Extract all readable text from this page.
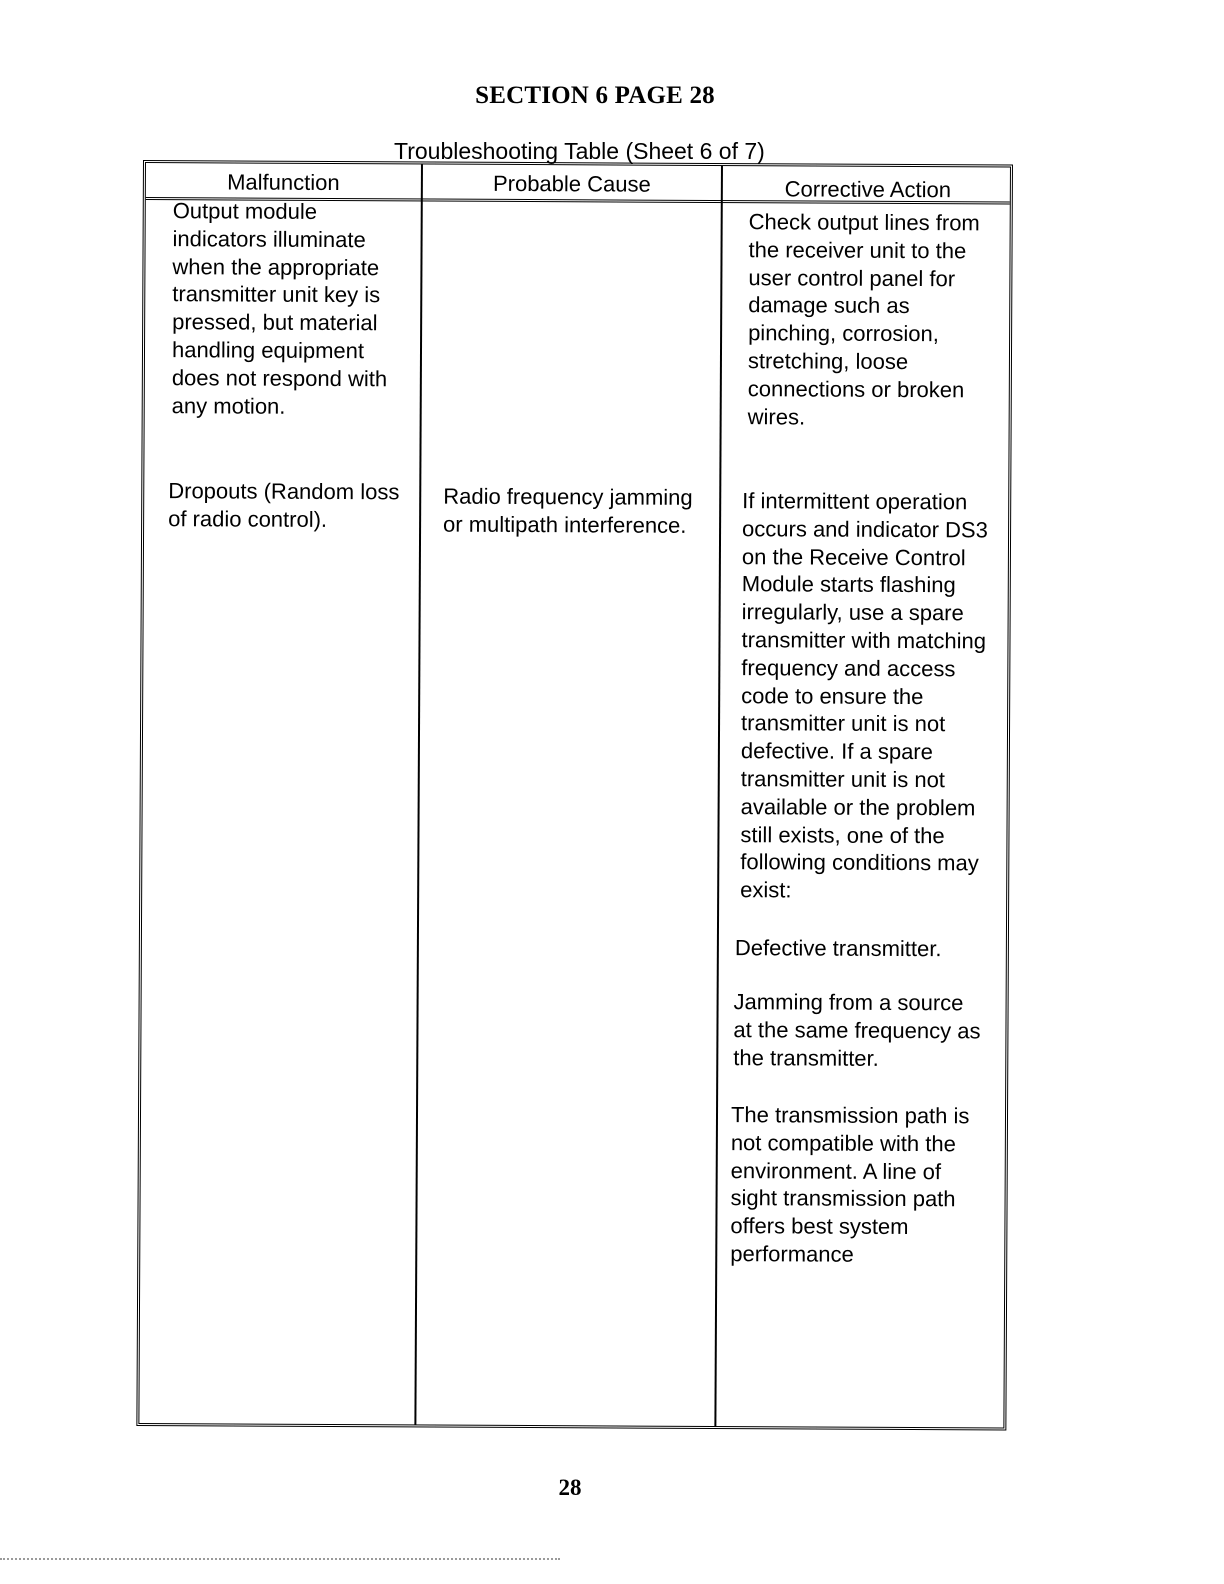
SECTION 6 PAGE 28
Troubleshooting Table (Sheet 6 of 7)
Malfunction	Probable Cause	Corrective Action
Output module
indicators illuminate
when the appropriate
transmitter unit key is
pressed, but material
handling equipment
does not respond with
any motion.
Check output lines from
the receiver unit to the
user control panel for
damage such as
pinching, corrosion,
stretching, loose
connections or broken
wires.
Dropouts (Random loss
of radio control).
Radio frequency jamming
or multipath interference.
If intermittent operation
occurs and indicator DS3
on the Receive Control
Module starts flashing
irregularly, use a spare
transmitter with matching
frequency and access
code to ensure the
transmitter unit is not
defective. If a spare
transmitter unit is not
available or the problem
still exists, one of the
following conditions may
exist:
Defective transmitter.
Jamming from a source
at the same frequency as
the transmitter.
The transmission path is
not compatible with the
environment. A line of
sight transmission path
offers best system
performance
28
